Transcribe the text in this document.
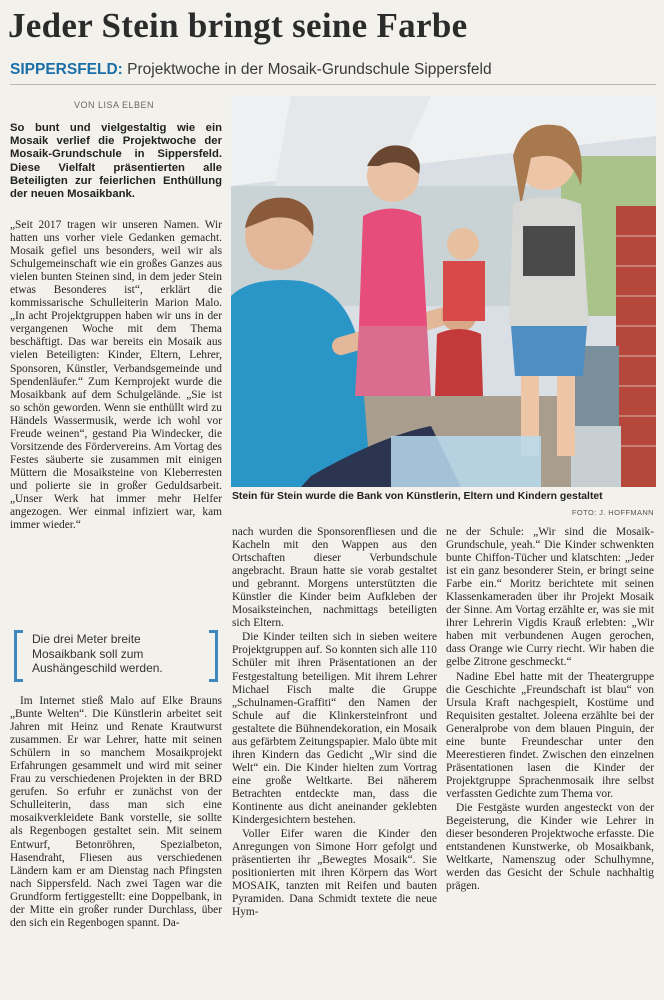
Jeder Stein bringt seine Farbe
SIPPERSFELD: Projektwoche in der Mosaik-Grundschule Sippersfeld
VON LISA ELBEN
So bunt und vielgestaltig wie ein Mosaik verlief die Projektwoche der Mosaik-Grundschule in Sippersfeld. Diese Vielfalt präsentierten alle Beteiligten zur feierlichen Enthüllung der neuen Mosaikbank.

„Seit 2017 tragen wir unseren Namen. Wir hatten uns vorher viele Gedanken gemacht. Mosaik gefiel uns besonders, weil wir als Schulgemeinschaft wie ein großes Ganzes aus vielen bunten Steinen sind, in dem jeder Stein etwas Besonderes ist“, erklärt die kommissarische Schulleiterin Marion Malo. „In acht Projektgruppen haben wir uns in der vergangenen Woche mit dem Thema beschäftigt. Das war bereits ein Mosaik aus vielen Beteiligten: Kinder, Eltern, Lehrer, Sponsoren, Künstler, Verbandsgemeinde und Spendenläufer.“ Zum Kernprojekt wurde die Mosaikbank auf dem Schulgelände. „Sie ist so schön geworden. Wenn sie enthüllt wird zu Händels Wassermusik, werde ich wohl vor Freude weinen“, gestand Pia Windecker, die Vorsitzende des Fördervereins. Am Vortag des Festes säuberte sie zusammen mit einigen Müttern die Mosaiksteine von Kleberresten und polierte sie in großer Geduldsarbeit. „Unser Werk hat immer mehr Helfer angezogen. Wer einmal infiziert war, kam immer wieder.“

Die drei Meter breite Mosaikbank soll zum Aushängeschild werden.

Im Internet stieß Malo auf Elke Brauns „Bunte Welten“. Die Künstlerin arbeitet seit Jahren mit Heinz und Renate Krautwurst zusammen. Er war Lehrer, hatte mit seinen Schülern in so manchem Mosaikprojekt Erfahrungen gesammelt und wird mit seiner Frau zu verschiedenen Projekten in der BRD gerufen. So erfuhr er zunächst von der Schulleiterin, dass man sich eine mosaikverkleidete Bank vorstelle, sie sollte als Regenbogen gestaltet sein. Mit seinem Entwurf, Betonröhren, Spezialbeton, Hasendraht, Fliesen aus verschiedenen Ländern kam er am Dienstag nach Pfingsten nach Sippersfeld. Nach zwei Tagen war die Grundform fertiggestellt: eine Doppelbank, in der Mitte ein großer runder Durchlass, über den sich ein Regenbogen spannt. Da-

Stein für Stein wurde die Bank von Künstlerin, Eltern und Kindern gestaltet
FOTO: J. HOFFMANN

nach wurden die Sponsorenfliesen und die Kacheln mit den Wappen aus den Ortschaften dieser Verbundschule angebracht. Braun hatte sie vorab gestaltet und gebrannt. Morgens unterstützten die Künstler die Kinder beim Aufkleben der Mosaiksteinchen, nachmittags beteiligten sich Eltern.

Die Kinder teilten sich in sieben weitere Projektgruppen auf. So konnten sich alle 110 Schüler mit ihren Präsentationen an der Festgestaltung beteiligen. Mit ihrem Lehrer Michael Fisch malte die Gruppe „Schulnamen-Graffiti“ den Namen der Schule auf die Klinkersteinfront und gestaltete die Bühnendekoration, ein Mosaik aus gefärbtem Zeitungspapier. Malo übte mit ihren Kindern das Gedicht „Wir sind die Welt“ ein. Die Kinder hielten zum Vortrag eine große Weltkarte. Bei näherem Betrachten entdeckte man, dass die Kontinente aus dicht aneinander geklebten Kindergesichtern bestehen.

Voller Eifer waren die Kinder den Anregungen von Simone Horr gefolgt und präsentierten ihr „Bewegtes Mosaik“. Sie positionierten mit ihren Körpern das Wort MOSAIK, tanzten mit Reifen und bauten Pyramiden. Dana Schmidt textete die neue Hym-

ne der Schule: „Wir sind die Mosaik-Grundschule, yeah.“ Die Kinder schwenkten bunte Chiffon-Tücher und klatschten: „Jeder ist ein ganz besonderer Stein, er bringt seine Farbe ein.“ Moritz berichtete mit seinen Klassenkameraden über ihr Projekt Mosaik der Sinne. Am Vortag erzählte er, was sie mit ihrer Lehrerin Vigdis Krauß erlebten: „Wir haben mit verbundenen Augen gerochen, dass Orange wie Curry riecht. Wir haben die gelbe Zitrone geschmeckt.“

Nadine Ebel hatte mit der Theatergruppe die Geschichte „Freundschaft ist blau“ von Ursula Kraft nachgespielt, Kostüme und Requisiten gestaltet. Joleena erzählte bei der Generalprobe von dem blauen Pinguin, der eine bunte Freundeschar unter den Meerestieren findet. Zwischen den einzelnen Präsentationen lasen die Kinder der Projektgruppe Sprachenmosaik ihre selbst verfassten Gedichte zum Thema vor.

Die Festgäste wurden angesteckt von der Begeisterung, die Kinder wie Lehrer in dieser besonderen Projektwoche erfasste. Die entstandenen Kunstwerke, ob Mosaikbank, Weltkarte, Namenszug oder Schulhymne, werden das Gesicht der Schule nachhaltig prägen.
